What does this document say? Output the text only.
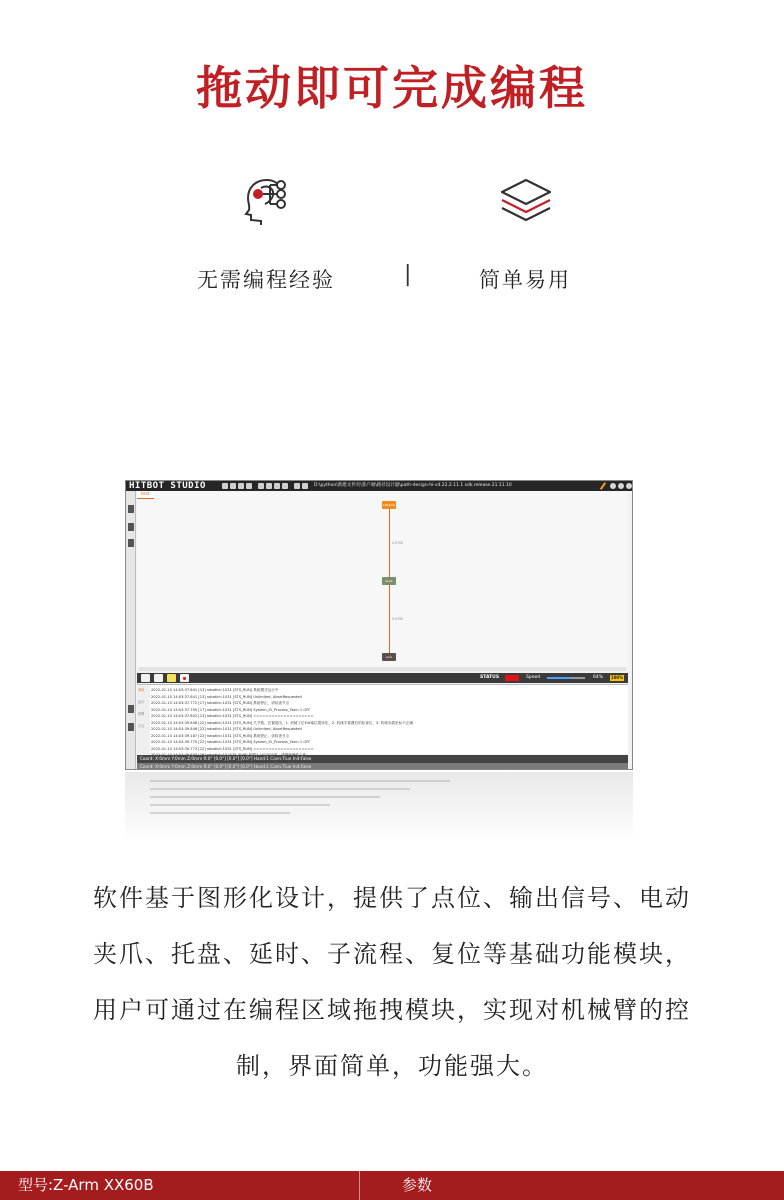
拖动即可完成编程
无需编程经验	|	简单易用
HITBOT STUDIO	D:\python\新建文件夹\客户端\路径设计器\path-design-hi-v4.22.2.11.1 sdk.release.21.11.10
test
Initialize
Grab
end
0.0700
0.0700
STATUS	Speed	64% 100%
系统
运行
报警
日志
2022-01-10 14:03:37.841 [13] robotId=1031 [STS_RUN] 系统模式运行中
2022-01-10 14:03:37.841 [13] robotId=1031 [STS_RUN] Unlimited, AbortRequested
2022-01-10 14:03:37.772 [17] robotId=1031 [STS_RUN] 系统停止，请检查节点
2022-01-10 14:03:37.795 [17] robotId=1031 [STS_RUN] System_IO_Process_Stat=1 OFF
2022-01-10 14:03:37.802 [13] robotId=1031 [STS_RUN] ====================
2022-01-10 14:03:39.846 [22] robotId=1031 [STS_RUN] 关节数，位置超出，1. 机械工位Ext轴位置转化，2. 机械手重叠后的检查位，3. 机械末端坐标不正确
2022-01-10 14:03:39.846 [22] robotId=1031 [STS_RUN] Unlimited, AbortRequested
2022-01-10 14:03:39.187 [22] robotId=1031 [STS_RUN] 系统停止，请检查节点
2022-01-10 14:03:39.770 [22] robotId=1031 [STS_RUN] System_IO_Process_Stat=1 OFF
2022-01-10 14:03:39.773 [22] robotId=1031 [STS_RUN] ====================
Coord: X:0mm Y:0mm Z:0mm R:0° [0.0°] [0.0°] [0.0°] Hand:1 Conn:True Init:False
Coord: X:0mm Y:0mm Z:0mm R:0° [0.0°] [0.0°] [0.0°] Hand:1 Conn:True Init:False
软件基于图形化设计，提供了点位、输出信号、电动
夹爪、托盘、延时、子流程、复位等基础功能模块，
用户可通过在编程区域拖拽模块，实现对机械臂的控
制，界面简单，功能强大。
型号:Z-Arm XX60B	参数
